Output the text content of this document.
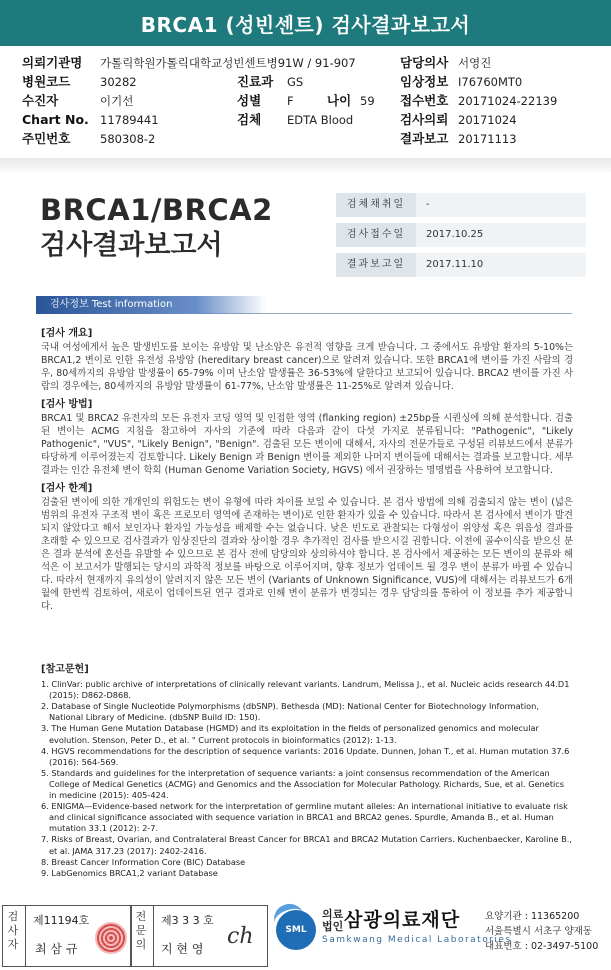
BRCA1 (성빈센트) 검사결과보고서
의뢰기관명 가톨릭학원가톨릭대학교성빈센트병91W / 91-907	담당의사 서영진
병원코드	30282	진료과 GS	임상정보 I76760MT0
수진자	이기선	성별 F	나이 59 접수번호 20171024-22139
Chart No. 11789441	검체 EDTA Blood	검사의뢰 20171024
주민번호	580308-2	결과보고 20171113
BRCA1/BRCA2
검사결과보고서
검체채취일	-
검사접수일	2017.10.25
결과보고일	2017.11.10
검사정보 Test information
[검사 개요]

국내 여성에게서 높은 발생빈도를 보이는 유방암 및 난소암은 유전적 영향을 크게 받습니다. 그 중에서도 유방암 환자의 5-10%는 BRCA1,2 변이로 인한 유전성 유방암 (hereditary breast cancer)으로 알려져 있습니다. 또한 BRCA1에 변이를 가진 사람의 경우, 80세까지의 유방암 발생률이 65-79% 이며 난소암 발생률은 36-53%에 달한다고 보고되어 있습니다. BRCA2 변이를 가진 사람의 경우에는, 80세까지의 유방암 발생률이 61-77%, 난소암 발생률은 11-25%로 알려져 있습니다.

[검사 방법]

BRCA1 및 BRCA2 유전자의 모든 유전자 코딩 영역 및 인접한 영역 (flanking region) ±25bp를 시퀀싱에 의해 분석합니다. 검출된 변이는 ACMG 지침을 참고하여 자사의 기준에 따라 다음과 같이 다섯 가지로 분류됩니다: "Pathogenic", "Likely Pathogenic", "VUS", "Likely Benign", "Benign". 검출된 모든 변이에 대해서, 자사의 전문가들로 구성된 리뷰보드에서 분류가 타당하게 이루어졌는지 검토합니다. Likely Benign 과 Benign 변이를 제외한 나머지 변이들에 대해서는 결과를 보고합니다. 세부결과는 인간 유전체 변이 학회 (Human Genome Variation Society, HGVS) 에서 권장하는 명명법을 사용하여 보고합니다.

[검사 한계]

검출된 변이에 의한 개개인의 위험도는 변이 유형에 따라 차이를 보일 수 있습니다. 본 검사 방법에 의해 검출되지 않는 변이 (넓은 범위의 유전자 구조적 변이 혹은 프로모터 영역에 존재하는 변이)로 인한 환자가 있을 수 있습니다. 따라서 본 검사에서 변이가 발견되지 않았다고 해서 보인자나 환자일 가능성을 배제할 수는 없습니다. 낮은 빈도로 관찰되는 다형성이 위양성 혹은 위음성 결과를 초래할 수 있으므로 검사결과가 임상진단의 결과와 상이할 경우 추가적인 검사를 받으시길 권합니다. 이전에 골수이식을 받으신 분은 결과 분석에 혼선을 유발할 수 있으므로 본 검사 전에 담당의와 상의하셔야 합니다. 본 검사에서 제공하는 모든 변이의 분류와 해석은 이 보고서가 발행되는 당시의 과학적 정보를 바탕으로 이루어지며, 향후 정보가 업데이트 될 경우 변이 분류가 바뀔 수 있습니다. 따라서 현재까지 유의성이 알려지지 않은 모든 변이 (Variants of Unknown Significance, VUS)에 대해서는 리뷰보드가 6개월에 한번씩 검토하여, 새로이 업데이트된 연구 결과로 인해 변이 분류가 변경되는 경우 담당의를 통하여 이 정보를 추가 제공합니다.

[참고문헌]
1. ClinVar: public archive of interpretations of clinically relevant variants. Landrum, Melissa J., et al. Nucleic acids research 44.D1 (2015): D862-D868.
2. Database of Single Nucleotide Polymorphisms (dbSNP). Bethesda (MD): National Center for Biotechnology Information, National Library of Medicine. (dbSNP Build ID: 150).
3. The Human Gene Mutation Database (HGMD) and its exploitation in the fields of personalized genomics and molecular evolution. Stenson, Peter D., et al. " Current protocols in bioinformatics (2012): 1-13.
4. HGVS recommendations for the description of sequence variants: 2016 Update. Dunnen, Johan T., et al. Human mutation 37.6 (2016): 564-569.
5. Standards and guidelines for the interpretation of sequence variants: a joint consensus recommendation of the American College of Medical Genetics (ACMG) and Genomics and the Association for Molecular Pathology. Richards, Sue, et al. Genetics in medicine (2015): 405-424.
6. ENIGMA—Evidence-based network for the interpretation of germline mutant alleles: An international initiative to evaluate risk and clinical significance associated with sequence variation in BRCA1 and BRCA2 genes. Spurdle, Amanda B., et al. Human mutation 33.1 (2012): 2-7.
7. Risks of Breast, Ovarian, and Contralateral Breast Cancer for BRCA1 and BRCA2 Mutation Carriers. Kuchenbaecker, Karoline B., et al. JAMA 317.23 (2017): 2402-2416.
8. Breast Cancer Information Core (BIC) Database
9. LabGenomics BRCA1,2 variant Database
검사자
제11194호
최 삼 규
전문의
제3 3 3 호
지 현 영 ch	SML
의료
법인 삼광의료재단
Samkwang Medical Laboratories
요양기관 : 11365200
서울특별시 서초구 양재동
대표번호 : 02-3497-5100
